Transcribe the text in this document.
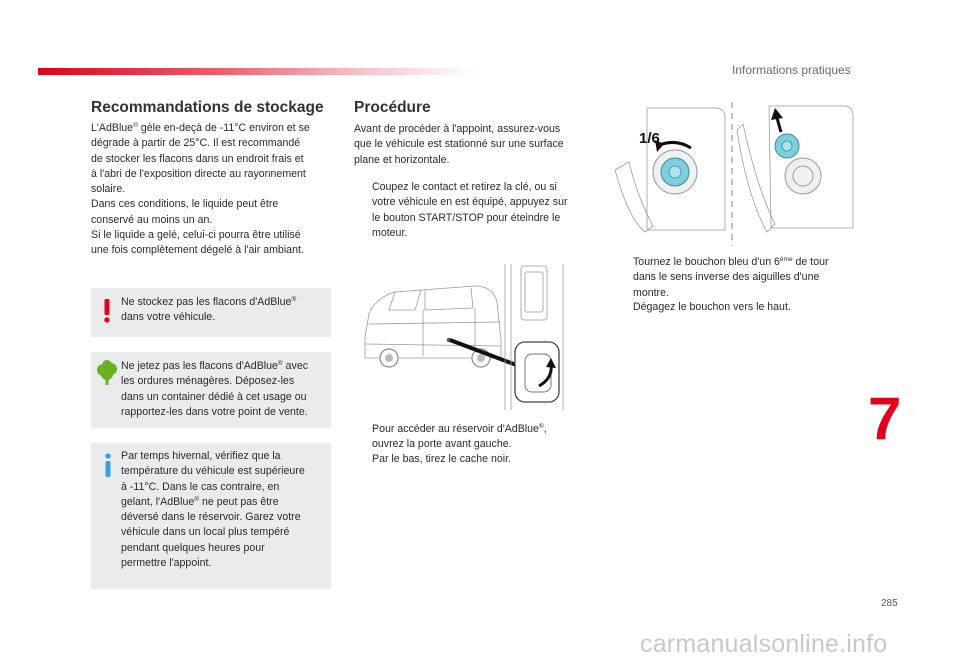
Informations pratiques
Recommandations de stockage
L'AdBlue® gèle en-deçà de -11°C environ et se
dégrade à partir de 25°C. Il est recommandé
de stocker les flacons dans un endroit frais et
à l'abri de l'exposition directe au rayonnement
solaire.
Dans ces conditions, le liquide peut être
conservé au moins un an.
Si le liquide a gelé, celui-ci pourra être utilisé
une fois complètement dégelé à l'air ambiant.
Ne stockez pas les flacons d'AdBlue®
dans votre véhicule.
Ne jetez pas les flacons d'AdBlue® avec
les ordures ménagères. Déposez-les
dans un container dédié à cet usage ou
rapportez-les dans votre point de vente.
Par temps hivernal, vérifiez que la
température du véhicule est supérieure
à -11°C. Dans le cas contraire, en
gelant, l'AdBlue® ne peut pas être
déversé dans le réservoir. Garez votre
véhicule dans un local plus tempéré
pendant quelques heures pour
permettre l'appoint.
Procédure
Avant de procéder à l'appoint, assurez-vous
que le véhicule est stationné sur une surface
plane et horizontale.
Coupez le contact et retirez la clé, ou si
votre véhicule en est équipé, appuyez sur
le bouton START/STOP pour éteindre le
moteur.
Pour accéder au réservoir d'AdBlue®,
ouvrez la porte avant gauche.
Par le bas, tirez le cache noir.
1/6
Tournez le bouchon bleu d'un 6ème de tour
dans le sens inverse des aiguilles d'une
montre.
Dégagez le bouchon vers le haut.
7
285
carmanualsonline.info
